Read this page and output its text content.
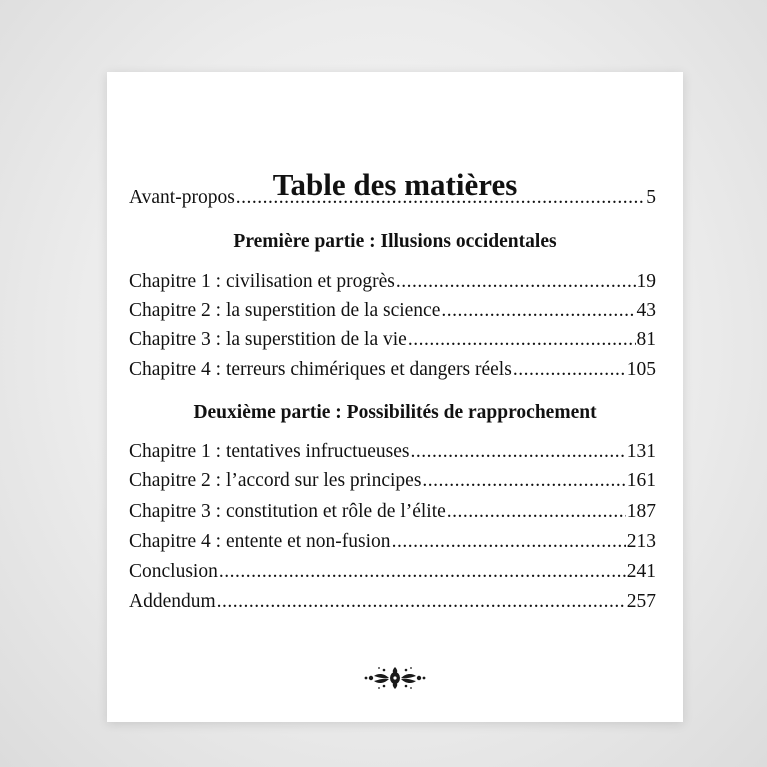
Table des matières
Avant-propos .....	5
Première partie : Illusions occidentales
Chapitre 1 : civilisation et progrès .....	19
Chapitre 2 : la superstition de la science .....	43
Chapitre 3 : la superstition de la vie .....	81
Chapitre 4 : terreurs chimériques et dangers réels .....	105
Deuxième partie : Possibilités de rapprochement
Chapitre 1 : tentatives infructueuses .....	131
Chapitre 2 : l’accord sur les principes .....	161
Chapitre 3 : constitution et rôle de l’élite .....	187
Chapitre 4 : entente et non-fusion .....	213
Conclusion .....	241
Addendum .....	257
